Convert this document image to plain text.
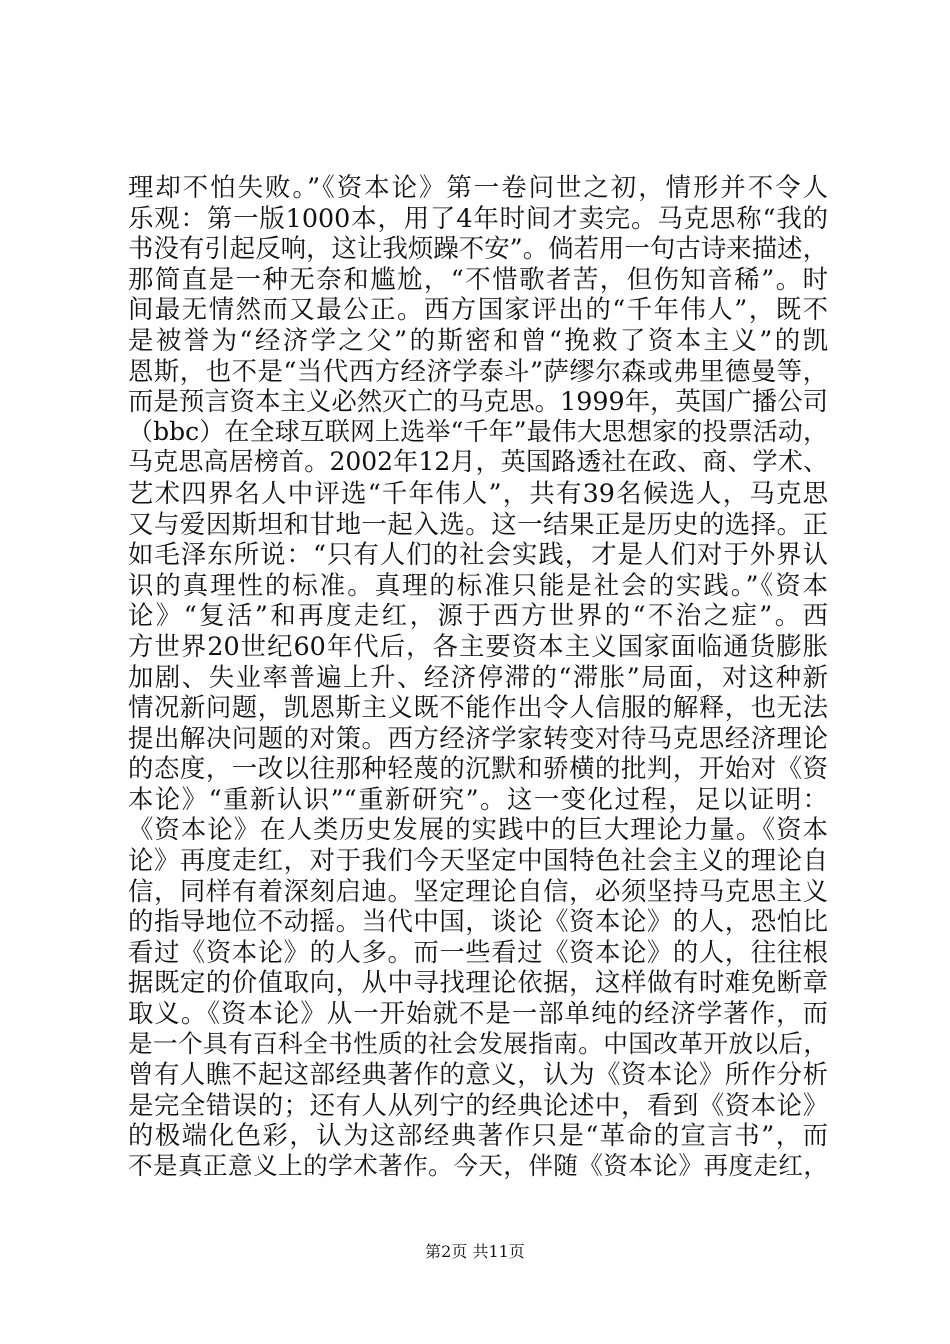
理却不怕失败。”《资本论》第一卷问世之初，情形并不令人
乐观：第一版1000本，用了4年时间才卖完。马克思称“我的
书没有引起反响，这让我烦躁不安”。倘若用一句古诗来描述，
那简直是一种无奈和尴尬，“不惜歌者苦，但伤知音稀”。时
间最无情然而又最公正。西方国家评出的“千年伟人”，既不
是被誉为“经济学之父”的斯密和曾“挽救了资本主义”的凯
恩斯，也不是“当代西方经济学泰斗”萨缪尔森或弗里德曼等，
而是预言资本主义必然灭亡的马克思。1999年，英国广播公司
（bbc）在全球互联网上选举“千年”最伟大思想家的投票活动，
马克思高居榜首。2002年12月，英国路透社在政、商、学术、
艺术四界名人中评选“千年伟人”，共有39名候选人，马克思
又与爱因斯坦和甘地一起入选。这一结果正是历史的选择。正
如毛泽东所说：“只有人们的社会实践，才是人们对于外界认
识的真理性的标准。真理的标准只能是社会的实践。”《资本
论》“复活”和再度走红，源于西方世界的“不治之症”。西
方世界20世纪60年代后，各主要资本主义国家面临通货膨胀
加剧、失业率普遍上升、经济停滞的“滞胀”局面，对这种新
情况新问题，凯恩斯主义既不能作出令人信服的解释，也无法
提出解决问题的对策。西方经济学家转变对待马克思经济理论
的态度，一改以往那种轻蔑的沉默和骄横的批判，开始对《资
本论》“重新认识”“重新研究”。这一变化过程，足以证明：
《资本论》在人类历史发展的实践中的巨大理论力量。《资本
论》再度走红，对于我们今天坚定中国特色社会主义的理论自
信，同样有着深刻启迪。坚定理论自信，必须坚持马克思主义
的指导地位不动摇。当代中国，谈论《资本论》的人，恐怕比
看过《资本论》的人多。而一些看过《资本论》的人，往往根
据既定的价值取向，从中寻找理论依据，这样做有时难免断章
取义。《资本论》从一开始就不是一部单纯的经济学著作，而
是一个具有百科全书性质的社会发展指南。中国改革开放以后，
曾有人瞧不起这部经典著作的意义，认为《资本论》所作分析
是完全错误的；还有人从列宁的经典论述中，看到《资本论》
的极端化色彩，认为这部经典著作只是“革命的宣言书”，而
不是真正意义上的学术著作。今天，伴随《资本论》再度走红，
第2页 共11页
